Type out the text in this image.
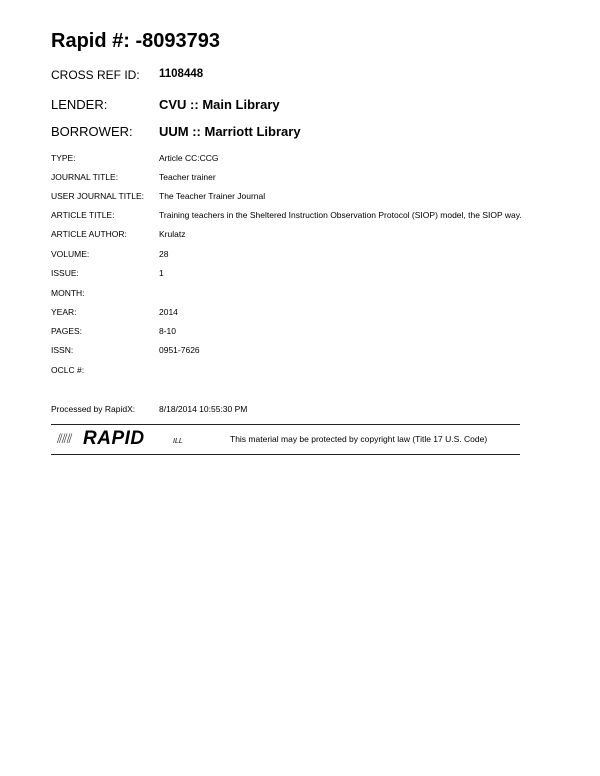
Rapid #: -8093793
CROSS REF ID: 1108448
LENDER:	CVU :: Main Library
BORROWER: UUM :: Marriott Library
TYPE:	Article CC:CCG
JOURNAL TITLE:	Teacher trainer
USER JOURNAL TITLE: The Teacher Trainer Journal
ARTICLE TITLE:	Training teachers in the Sheltered Instruction Observation Protocol (SIOP) model, the SIOP way.
ARTICLE AUTHOR:	Krulatz
VOLUME:	28
ISSUE:	1
MONTH:
YEAR:	2014
PAGES:	8-10
ISSN:	0951-7626
OCLC #:
Processed by RapidX:	8/18/2014 10:55:30 PM
⫽⫽⫽ RAPID	ILL	This material may be protected by copyright law (Title 17 U.S. Code)
